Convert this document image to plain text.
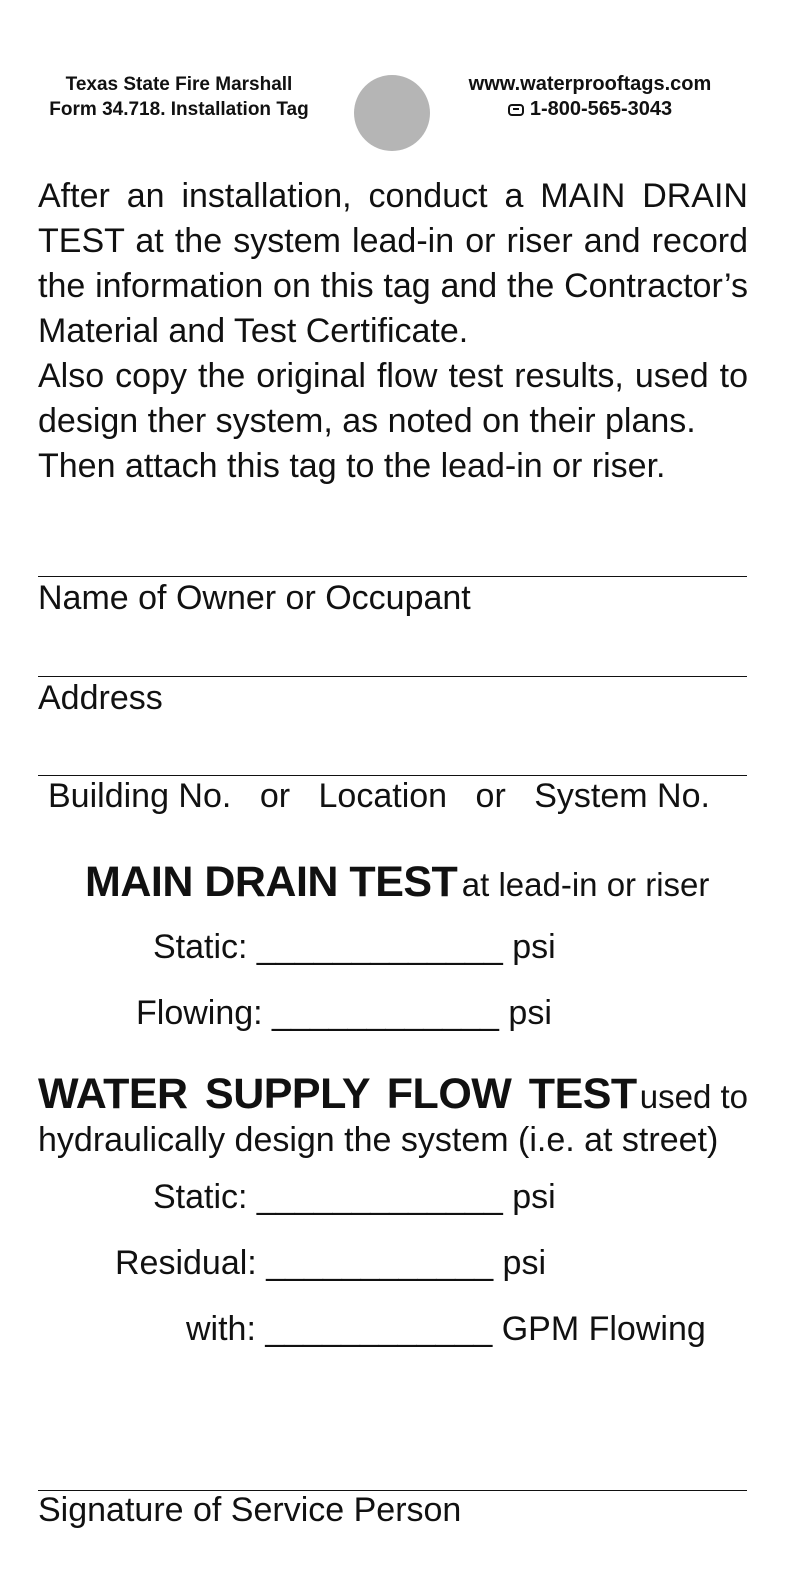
Texas State Fire Marshall
Form 34.718. Installation Tag
www.waterprooftags.com
1-800-565-3043

After an installation, conduct a MAIN DRAIN

TEST at the system lead-in or riser and record

the information on this tag and the Contractor’s

Material and Test Certificate.

Also copy the original flow test results, used to

design ther system, as noted on their plans.

Then attach this tag to the lead-in or riser.

Name of Owner or Occupant
Address
Building No. or Location or System No.
MAIN DRAIN TEST at lead-in or riser
Static: _____________ psi
Flowing: ____________ psi
WATER SUPPLY FLOW TEST used to
hydraulically design the system (i.e. at street)
Static: _____________ psi
Residual: ____________ psi
with: ____________ GPM Flowing
Signature of Service Person
